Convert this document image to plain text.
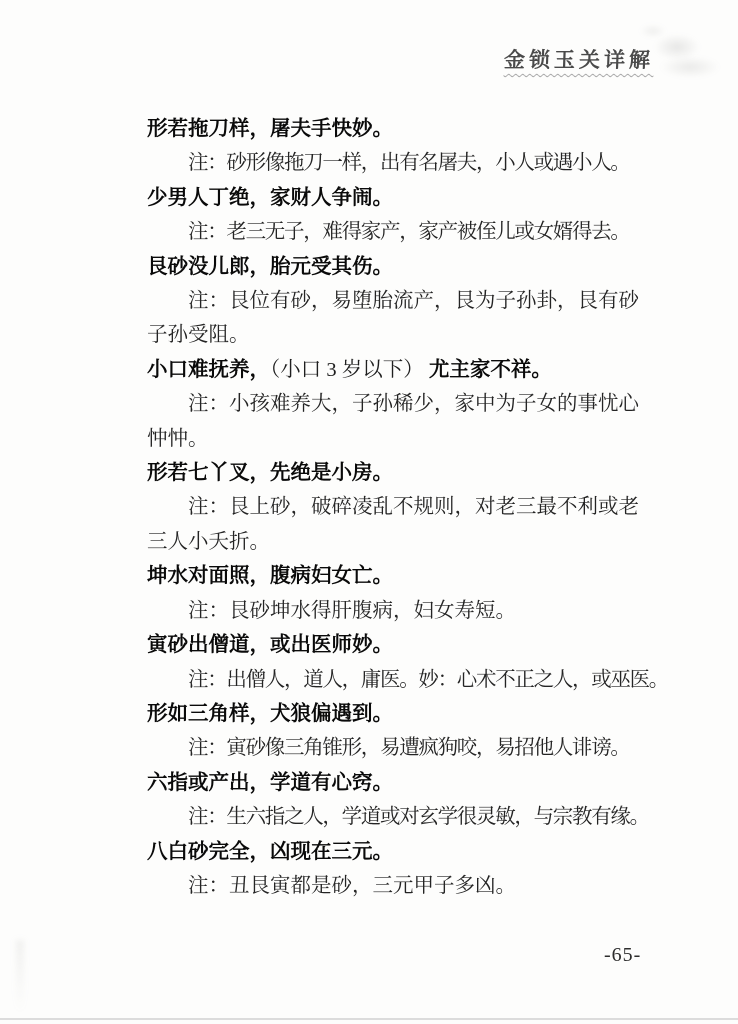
金锁玉关详解

形若拖刀样，屠夫手快妙。

注：砂形像拖刀一样，出有名屠夫，小人或遇小人。

少男人丁绝，家财人争闹。

注：老三无子，难得家产，家产被侄儿或女婿得去。

艮砂没儿郎，胎元受其伤。

注：艮位有砂，易堕胎流产，艮为子孙卦，艮有砂子孙受阻。

小口难抚养，（小口 3 岁以下） 尤主家不祥。

注：小孩难养大，子孙稀少，家中为子女的事忧心忡忡。

形若七丫叉，先绝是小房。

注：艮上砂，破碎凌乱不规则，对老三最不利或老三人小夭折。

坤水对面照，腹病妇女亡。

注：艮砂坤水得肝腹病，妇女寿短。

寅砂出僧道，或出医师妙。

注：出僧人，道人，庸医。妙：心术不正之人，或巫医。

形如三角样，犬狼偏遇到。

注：寅砂像三角锥形，易遭疯狗咬，易招他人诽谤。

六指或产出，学道有心窍。

注：生六指之人，学道或对玄学很灵敏，与宗教有缘。

八白砂完全，凶现在三元。

注：丑艮寅都是砂，三元甲子多凶。

-65-
